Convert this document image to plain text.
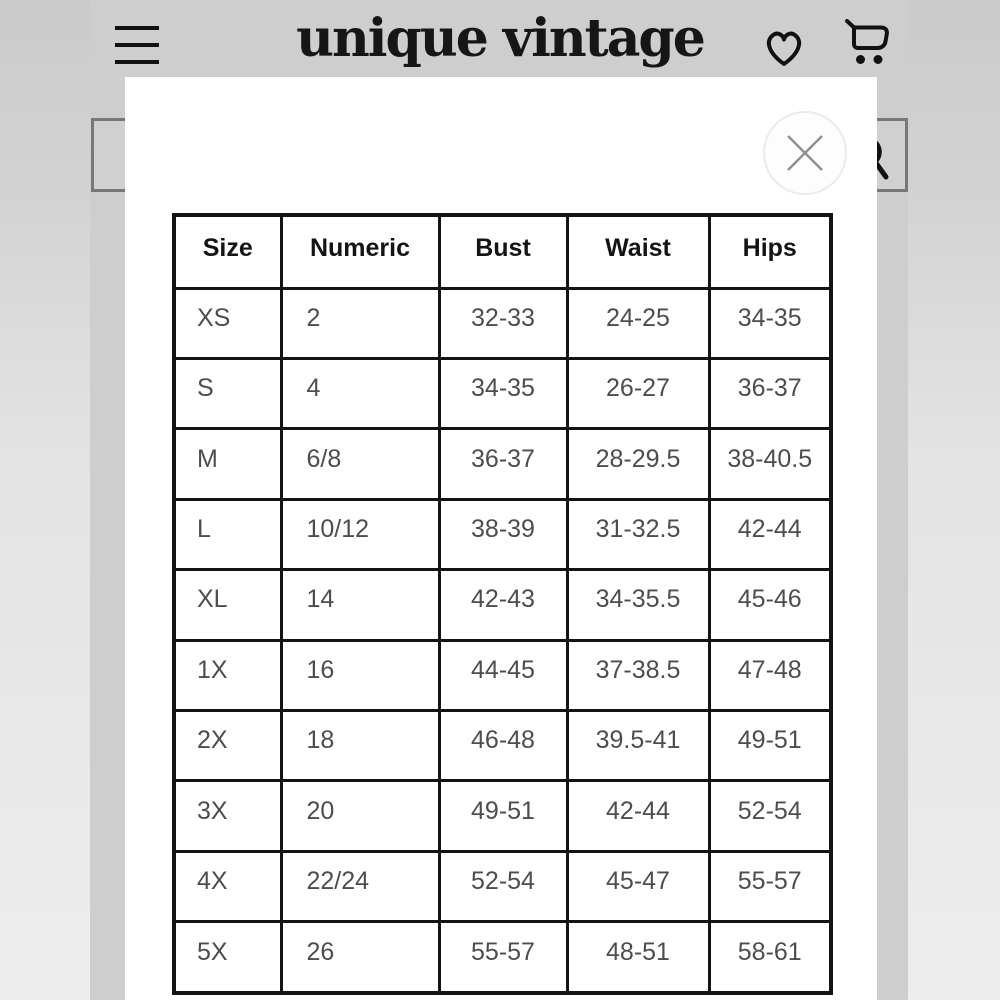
unique vintage
Size	Numeric	Bust	Waist	Hips
XS	2	32-33	24-25	34-35
S	4	34-35	26-27	36-37
M	6/8	36-37	28-29.5	38-40.5
L	10/12	38-39	31-32.5	42-44
XL	14	42-43	34-35.5	45-46
1X	16	44-45	37-38.5	47-48
2X	18	46-48	39.5-41	49-51
3X	20	49-51	42-44	52-54
4X	22/24	52-54	45-47	55-57
5X	26	55-57	48-51	58-61
